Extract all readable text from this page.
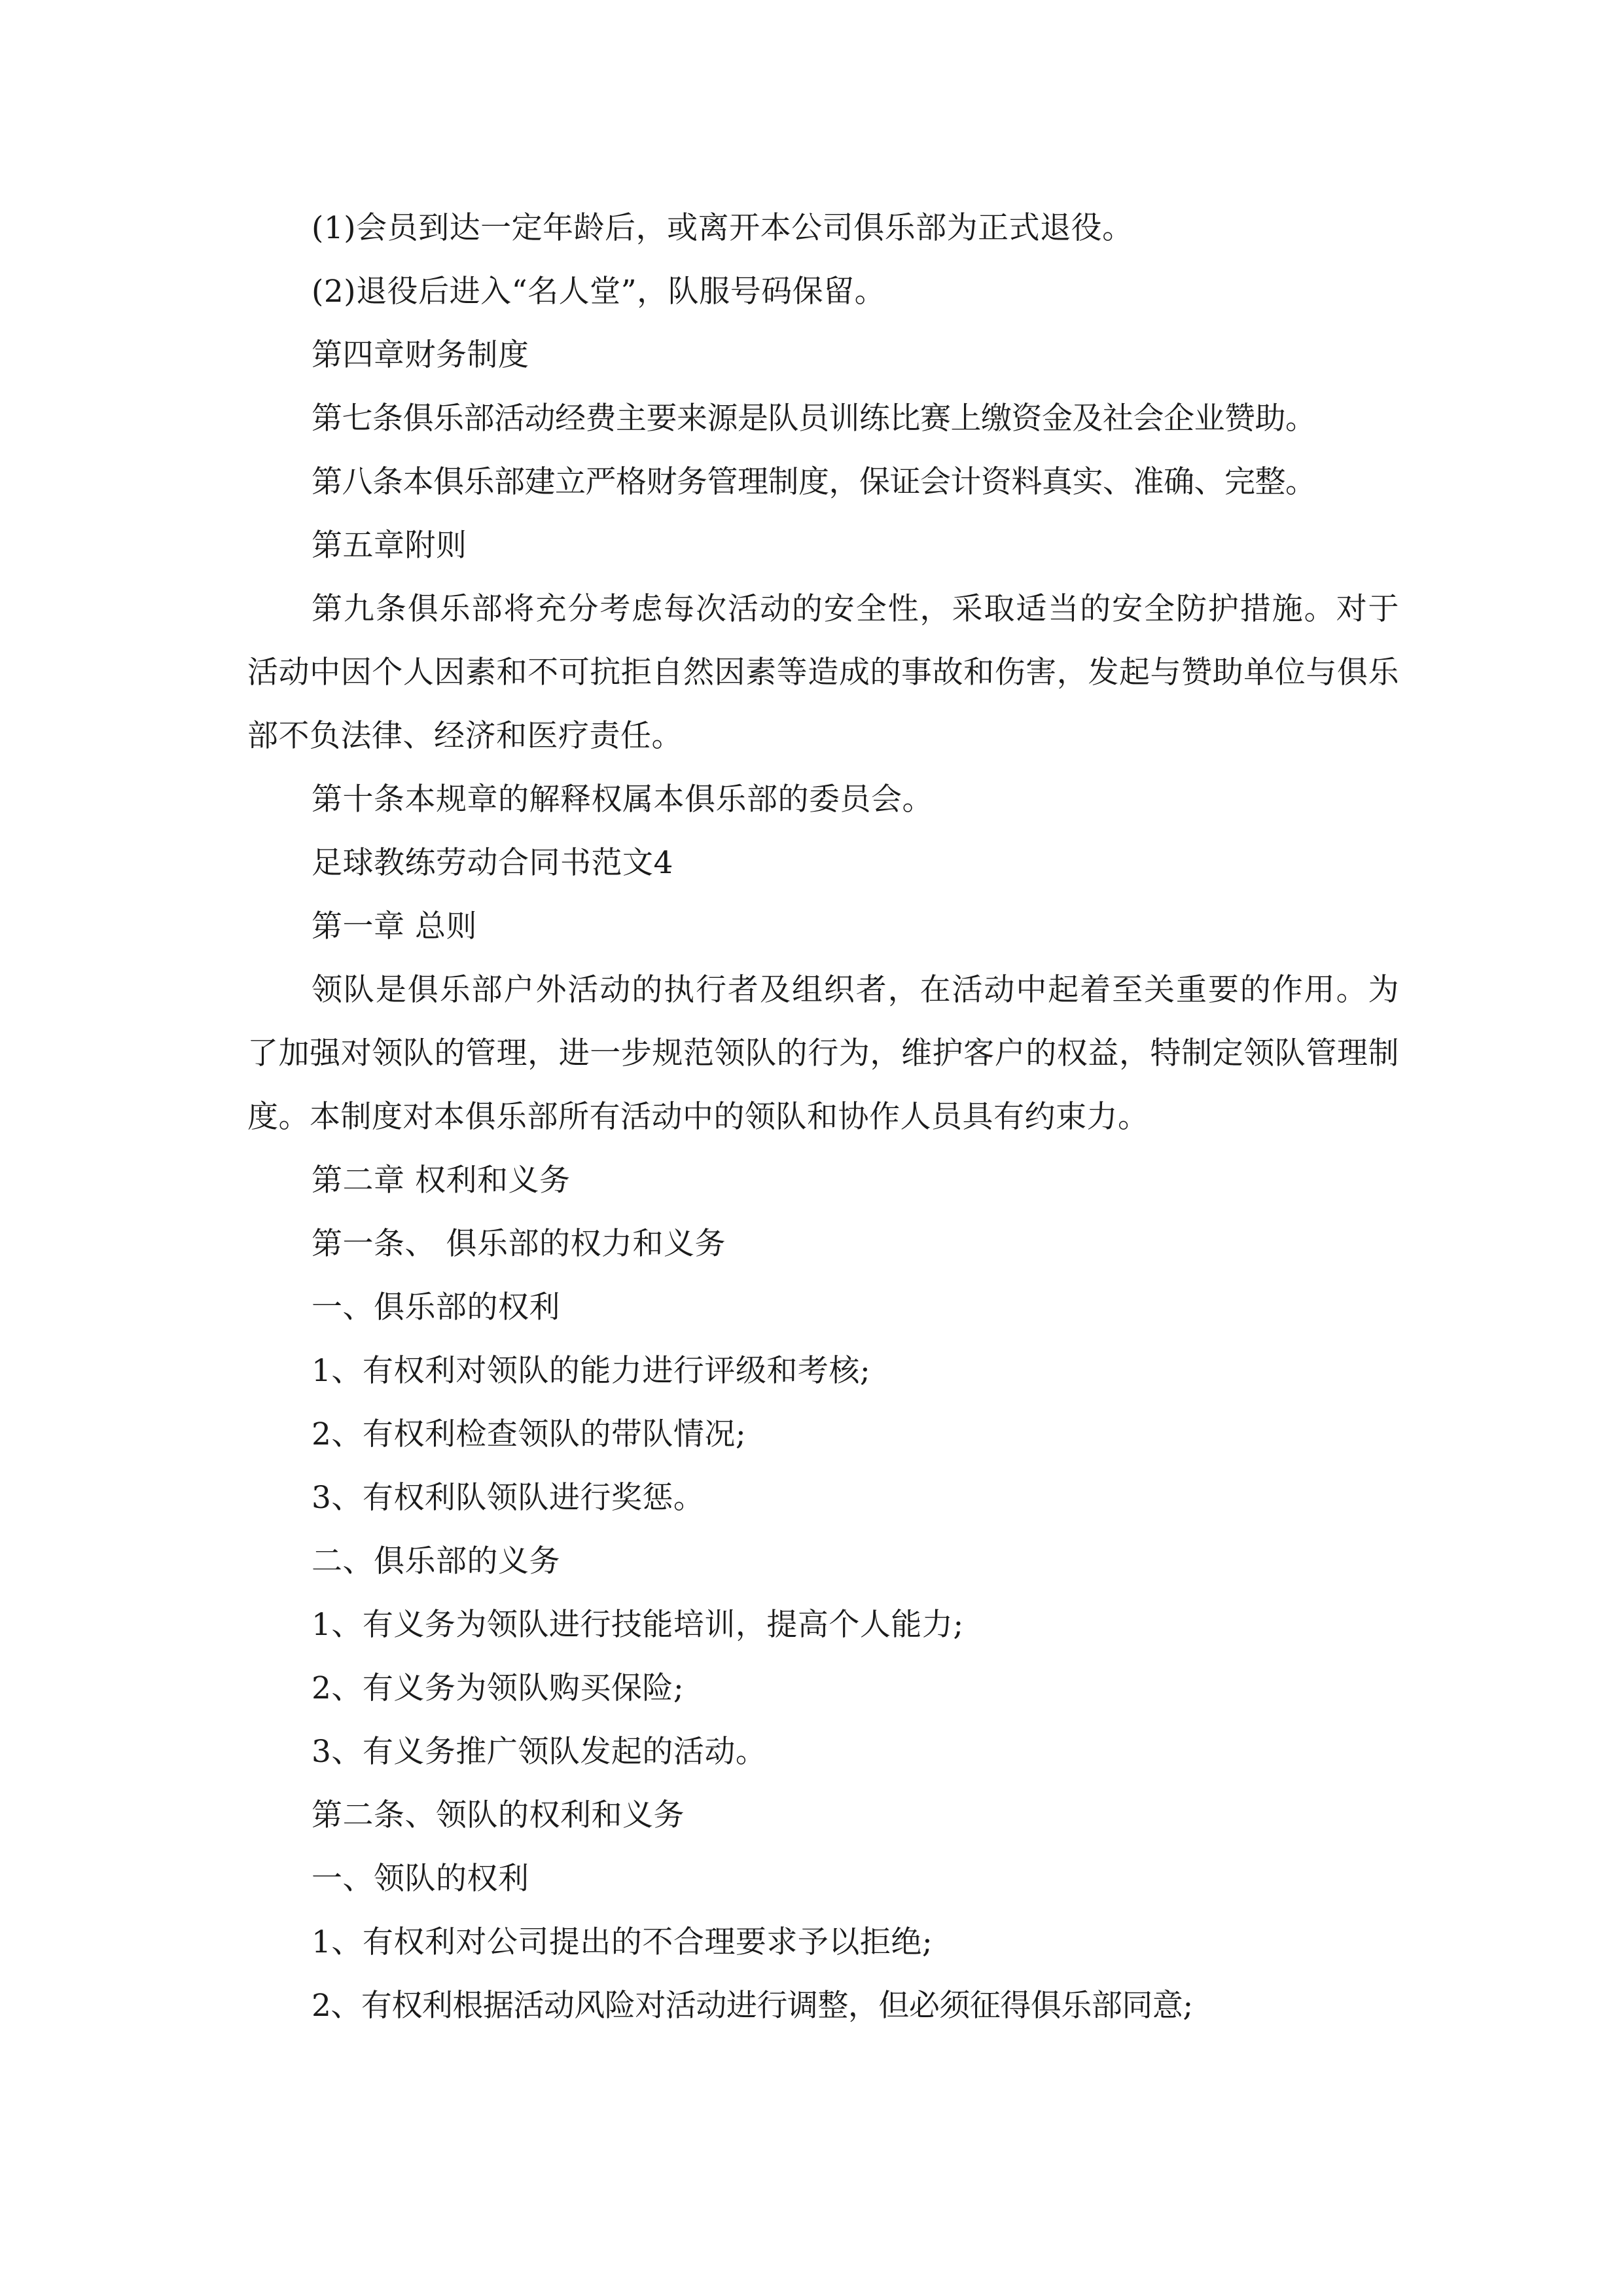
(1)会员到达一定年龄后，或离开本公司俱乐部为正式退役。

(2)退役后进入“名人堂”，队服号码保留。

第四章财务制度

第七条俱乐部活动经费主要来源是队员训练比赛上缴资金及社会企业赞助。

第八条本俱乐部建立严格财务管理制度，保证会计资料真实、准确、完整。

第五章附则

第九条俱乐部将充分考虑每次活动的安全性，采取适当的安全防护措施。对于活动中因个人因素和不可抗拒自然因素等造成的事故和伤害，发起与赞助单位与俱乐部不负法律、经济和医疗责任。

第十条本规章的解释权属本俱乐部的委员会。

足球教练劳动合同书范文4

第一章 总则

领队是俱乐部户外活动的执行者及组织者，在活动中起着至关重要的作用。为了加强对领队的管理，进一步规范领队的行为，维护客户的权益，特制定领队管理制度。本制度对本俱乐部所有活动中的领队和协作人员具有约束力。

第二章 权利和义务

第一条、 俱乐部的权力和义务

一、俱乐部的权利

1、有权利对领队的能力进行评级和考核;

2、有权利检查领队的带队情况;

3、有权利队领队进行奖惩。

二、俱乐部的义务

1、有义务为领队进行技能培训，提高个人能力;

2、有义务为领队购买保险;

3、有义务推广领队发起的活动。

第二条、领队的权利和义务

一、领队的权利

1、有权利对公司提出的不合理要求予以拒绝;

2、有权利根据活动风险对活动进行调整，但必须征得俱乐部同意;
